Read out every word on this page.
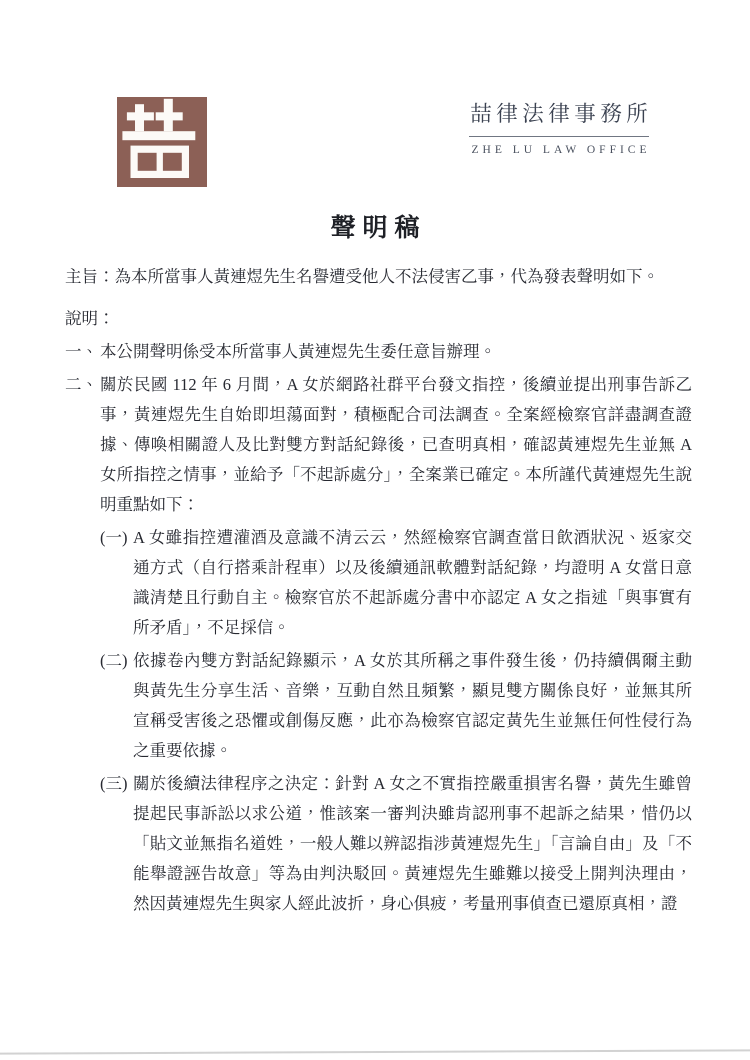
喆律法律事務所
ZHE LU LAW OFFICE
聲明稿

主旨：為本所當事人黃連煜先生名譽遭受他人不法侵害乙事，代為發表聲明如下。

說明：

一、 本公開聲明係受本所當事人黃連煜先生委任意旨辦理。
二、 關於民國 112 年 6 月間，A 女於網路社群平台發文指控，後續並提出刑事告訴乙事，黃連煜先生自始即坦蕩面對，積極配合司法調查。全案經檢察官詳盡調查證據、傳喚相關證人及比對雙方對話紀錄後，已查明真相，確認黃連煜先生並無 A 女所指控之情事，並給予「不起訴處分」，全案業已確定。本所謹代黃連煜先生說明重點如下：
(一) A 女雖指控遭灌酒及意識不清云云，然經檢察官調查當日飲酒狀況、返家交通方式（自行搭乘計程車）以及後續通訊軟體對話紀錄，均證明 A 女當日意識清楚且行動自主。檢察官於不起訴處分書中亦認定 A 女之指述「與事實有所矛盾」，不足採信。
(二) 依據卷內雙方對話紀錄顯示，A 女於其所稱之事件發生後，仍持續偶爾主動與黃先生分享生活、音樂，互動自然且頻繁，顯見雙方關係良好，並無其所宣稱受害後之恐懼或創傷反應，此亦為檢察官認定黃先生並無任何性侵行為之重要依據。
(三) 關於後續法律程序之決定：針對 A 女之不實指控嚴重損害名譽，黃先生雖曾提起民事訴訟以求公道，惟該案一審判決雖肯認刑事不起訴之結果，惜仍以「貼文並無指名道姓，一般人難以辨認指涉黃連煜先生」「言論自由」及「不能舉證誣告故意」等為由判決駁回。黃連煜先生雖難以接受上開判決理由，然因黃連煜先生與家人經此波折，身心俱疲，考量刑事偵查已還原真相，證
